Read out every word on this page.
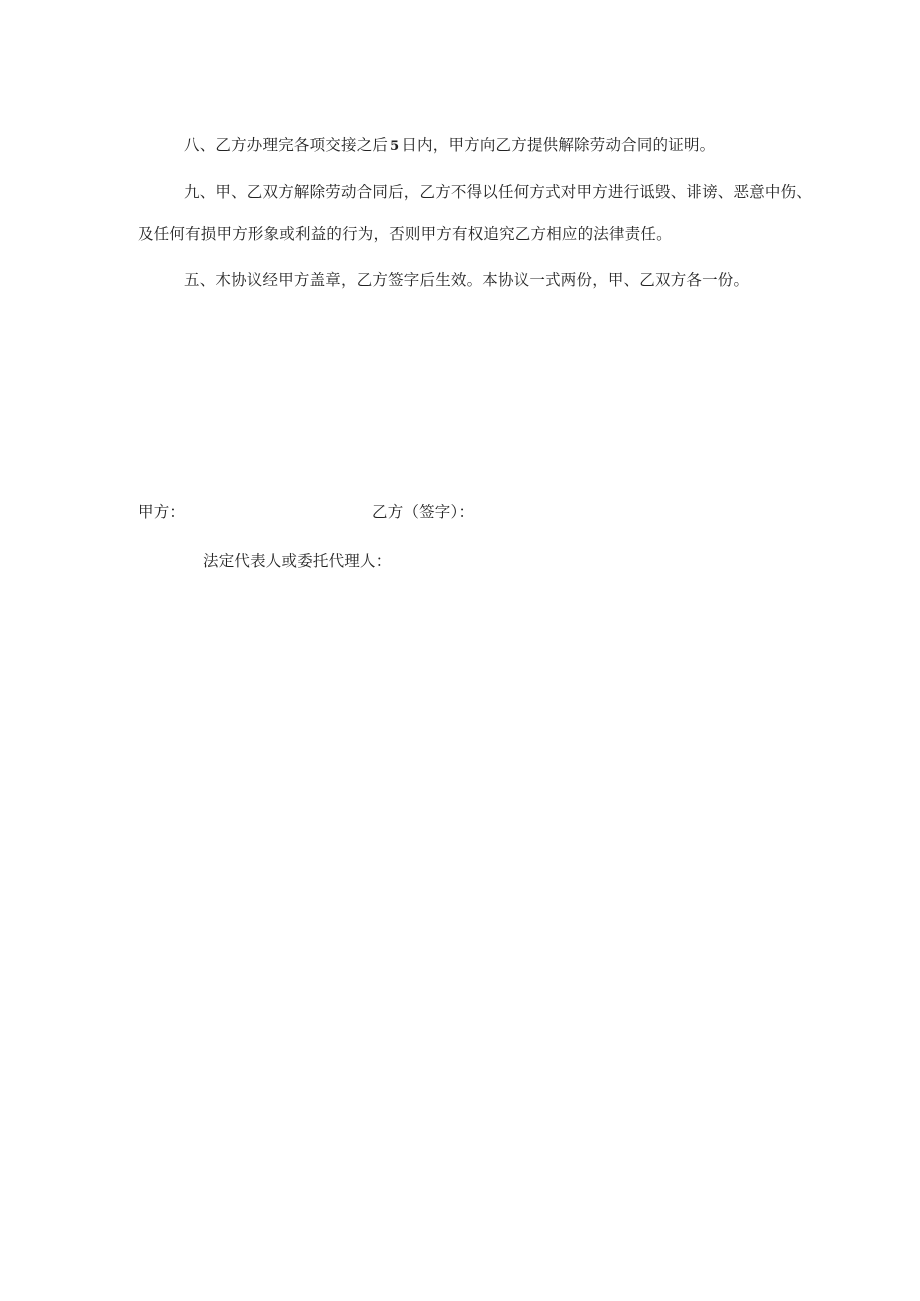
八、乙方办理完各项交接之后 5 日内，甲方向乙方提供解除劳动合同的证明。
九、甲、乙双方解除劳动合同后，乙方不得以任何方式对甲方进行诋毁、诽谤、恶意中伤、
及任何有损甲方形象或利益的行为，否则甲方有权追究乙方相应的法律责任。
五、木协议经甲方盖章，乙方签字后生效。本协议一式两份，甲、乙双方各一份。
甲方：	乙方（签字）：
法定代表人或委托代理人：
